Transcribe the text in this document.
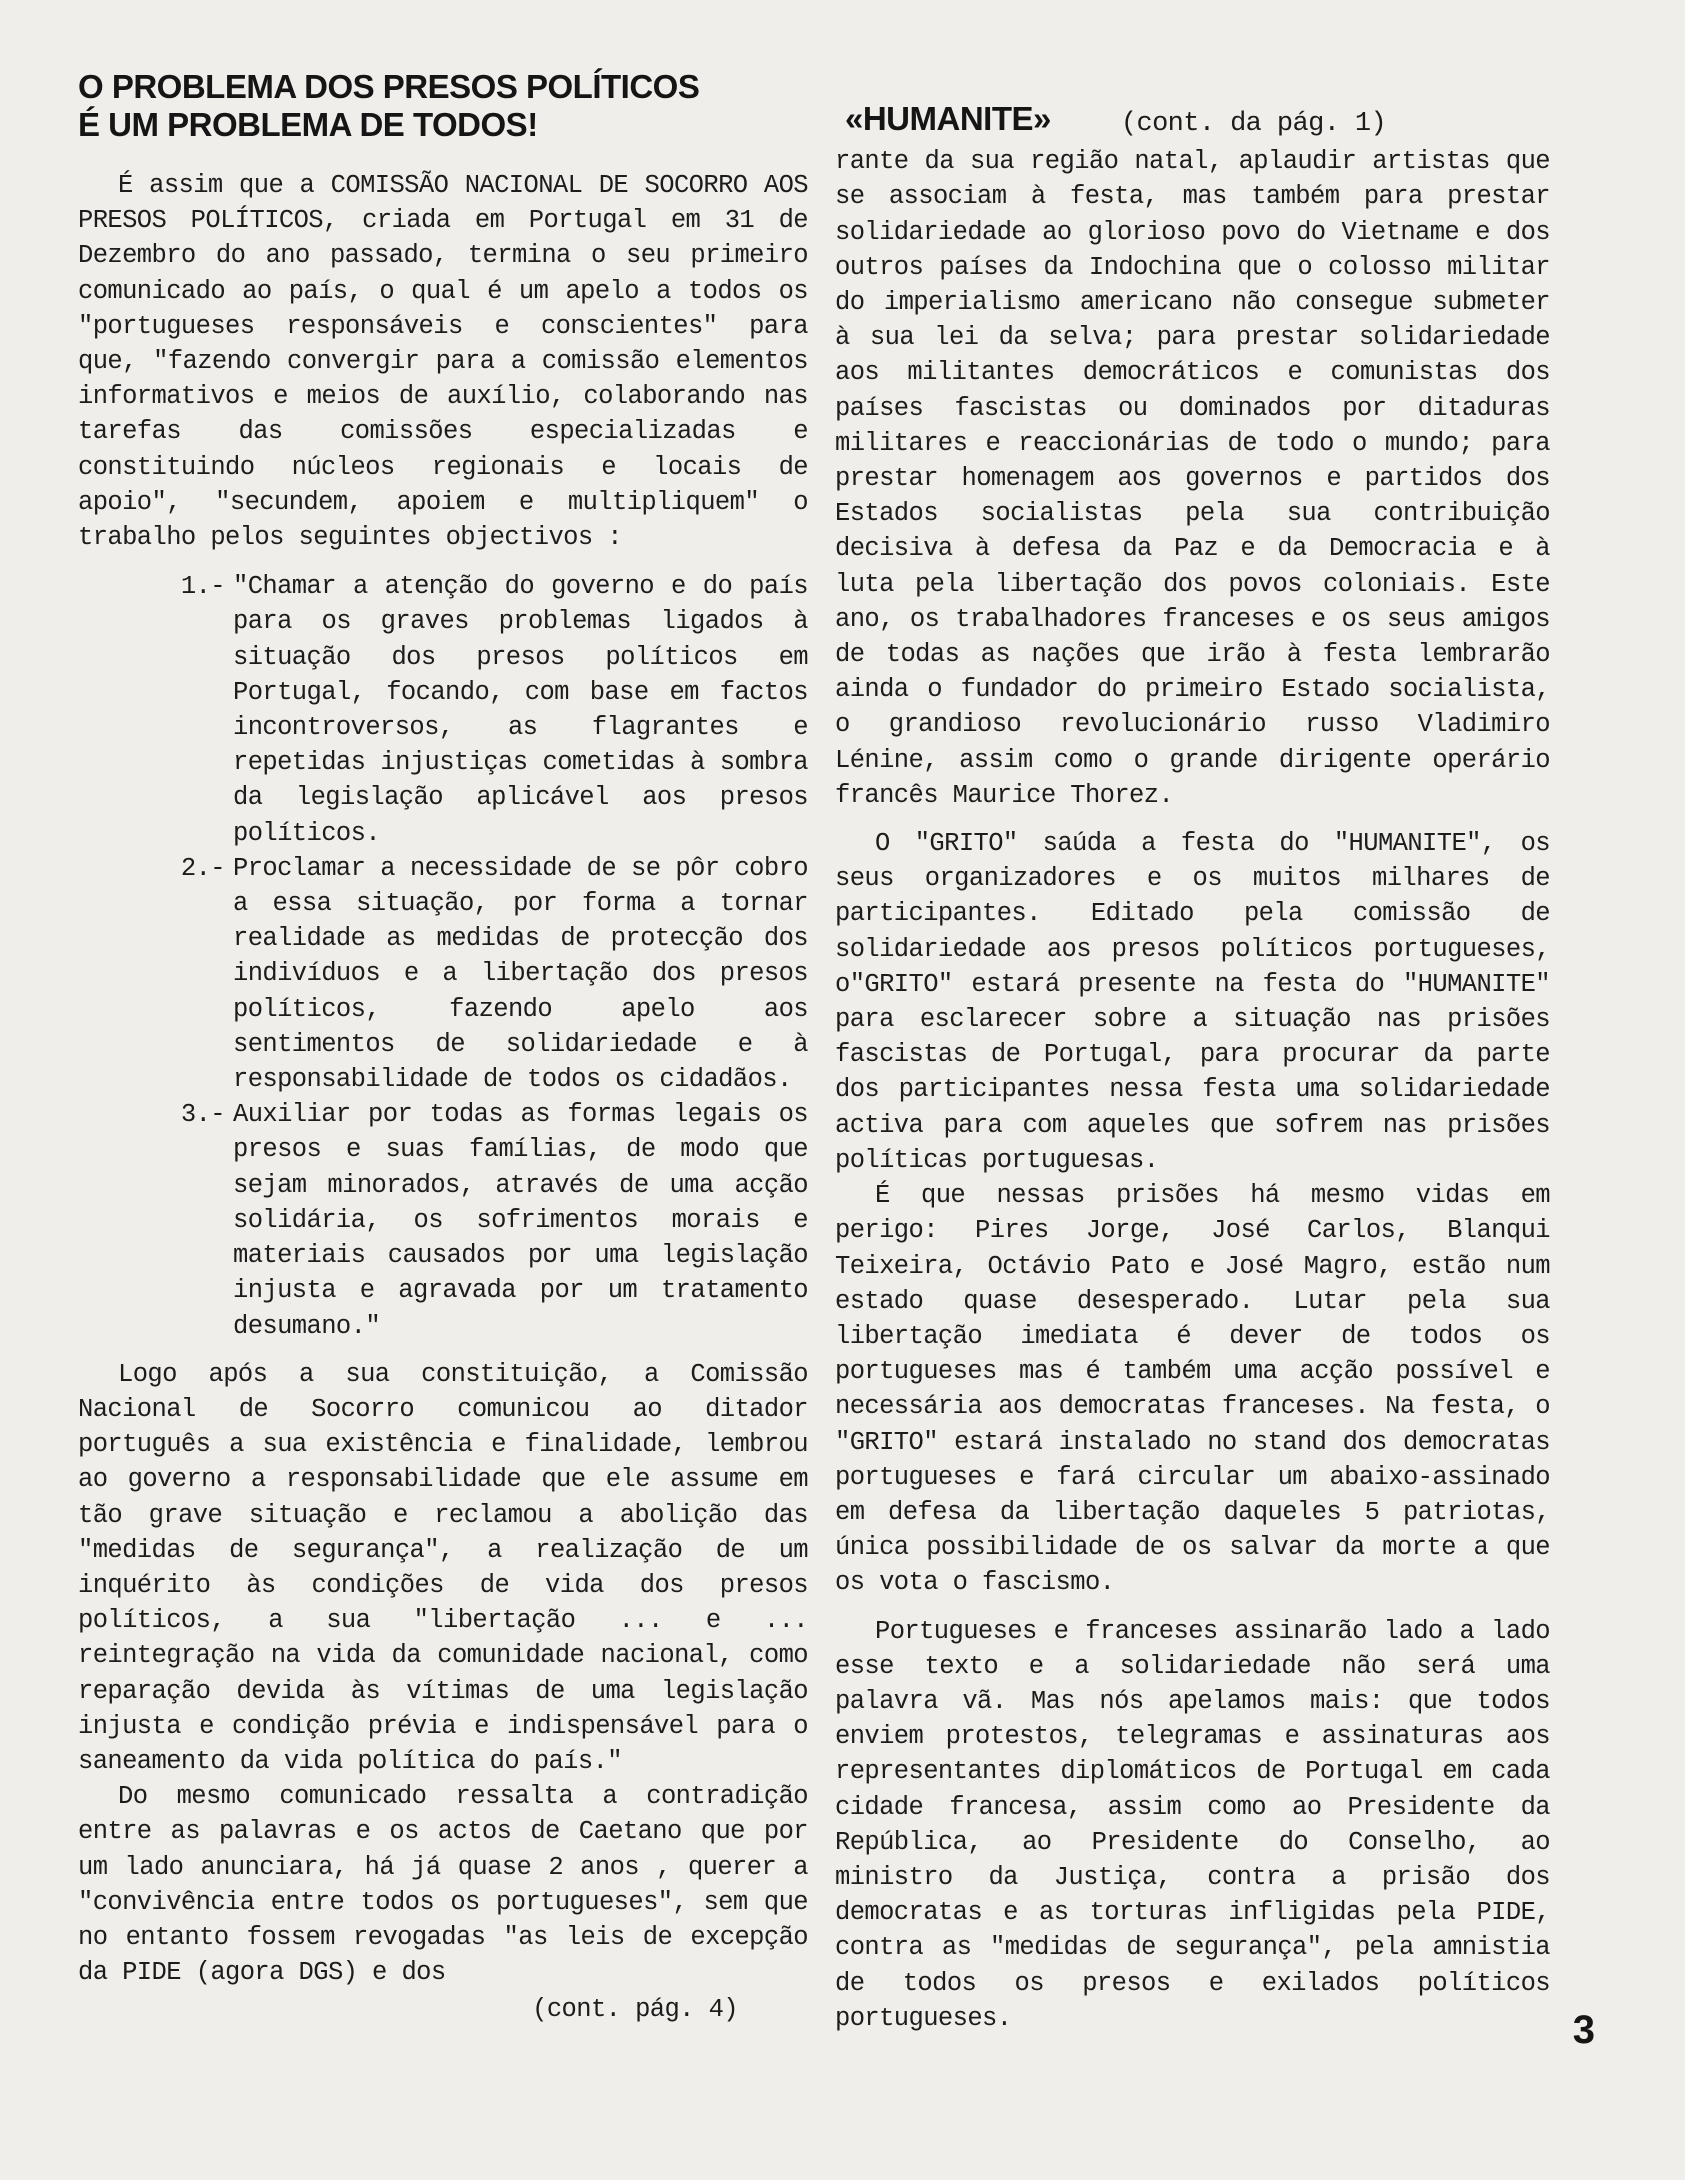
O PROBLEMA DOS PRESOS POLÍTICOS
É UM PROBLEMA DE TODOS!

É assim que a COMISSÃO NACIONAL DE SOCORRO AOS PRESOS POLÍTICOS, criada em Portugal em 31 de Dezembro do ano passado, termina o seu primeiro comunicado ao país, o qual é um apelo a todos os "portugueses responsáveis e conscientes" para que, "fazendo convergir para a comissão elementos informativos e meios de auxílio, colaborando nas tarefas das comissões especializadas e constituindo núcleos regionais e locais de apoio", "secundem, apoiem e multipliquem" o trabalho pelos seguintes objectivos :

1.- "Chamar a atenção do governo e do país para os graves problemas ligados à situação dos presos políticos em Portugal, focando, com base em factos incontroversos, as flagrantes e repetidas injustiças cometidas à sombra da legislação aplicável aos presos políticos.
2.- Proclamar a necessidade de se pôr cobro a essa situação, por forma a tornar realidade as medidas de protecção dos indivíduos e a libertação dos presos políticos, fazendo apelo aos sentimentos de solidariedade e à responsabilidade de todos os cidadãos.
3.- Auxiliar por todas as formas legais os presos e suas famílias, de modo que sejam minorados, através de uma acção solidária, os sofrimentos morais e materiais causados por uma legislação injusta e agravada por um tratamento desumano."

Logo após a sua constituição, a Comissão Nacional de Socorro comunicou ao ditador português a sua existência e finalidade, lembrou ao governo a responsabilidade que ele assume em tão grave situação e reclamou a abolição das "medidas de segurança", a realização de um inquérito às condições de vida dos presos políticos, a sua "libertação ... e ... reintegração na vida da comunidade nacional, como reparação devida às vítimas de uma legislação injusta e condição prévia e indispensável para o saneamento da vida política do país."

Do mesmo comunicado ressalta a contradição entre as palavras e os actos de Caetano que por um lado anunciara, há já quase 2 anos , querer a "convivência entre todos os portugueses", sem que no entanto fossem revogadas "as leis de excepção da PIDE (agora DGS) e dos

(cont. pág. 4)
«HUMANITE»	(cont. da pág. 1)

rante da sua região natal, aplaudir artistas que se associam à festa, mas também para prestar solidariedade ao glorioso povo do Vietname e dos outros países da Indochina que o colosso militar do imperialismo americano não consegue submeter à sua lei da selva; para prestar solidariedade aos militantes democráticos e comunistas dos países fascistas ou dominados por ditaduras militares e reaccionárias de todo o mundo; para prestar homenagem aos governos e partidos dos Estados socialistas pela sua contribuição decisiva à defesa da Paz e da Democracia e à luta pela libertação dos povos coloniais. Este ano, os trabalhadores franceses e os seus amigos de todas as nações que irão à festa lembrarão ainda o fundador do primeiro Estado socialista, o grandioso revolucionário russo Vladimiro Lénine, assim como o grande dirigente operário francês Maurice Thorez.

O "GRITO" saúda a festa do "HUMANITE", os seus organizadores e os muitos milhares de participantes. Editado pela comissão de solidariedade aos presos políticos portugueses, o"GRITO" estará presente na festa do "HUMANITE" para esclarecer sobre a situação nas prisões fascistas de Portugal, para procurar da parte dos participantes nessa festa uma solidariedade activa para com aqueles que sofrem nas prisões políticas portuguesas.

É que nessas prisões há mesmo vidas em perigo: Pires Jorge, José Carlos, Blanqui Teixeira, Octávio Pato e José Magro, estão num estado quase desesperado. Lutar pela sua libertação imediata é dever de todos os portugueses mas é também uma acção possível e necessária aos democratas franceses. Na festa, o "GRITO" estará instalado no stand dos democratas portugueses e fará circular um abaixo-assinado em defesa da libertação daqueles 5 patriotas, única possibilidade de os salvar da morte a que os vota o fascismo.

Portugueses e franceses assinarão lado a lado esse texto e a solidariedade não será uma palavra vã. Mas nós apelamos mais: que todos enviem protestos, telegramas e assinaturas aos representantes diplomáticos de Portugal em cada cidade francesa, assim como ao Presidente da República, ao Presidente do Conselho, ao ministro da Justiça, contra a prisão dos democratas e as torturas infligidas pela PIDE, contra as "medidas de segurança", pela amnistia de todos os presos e exilados políticos portugueses.	3
